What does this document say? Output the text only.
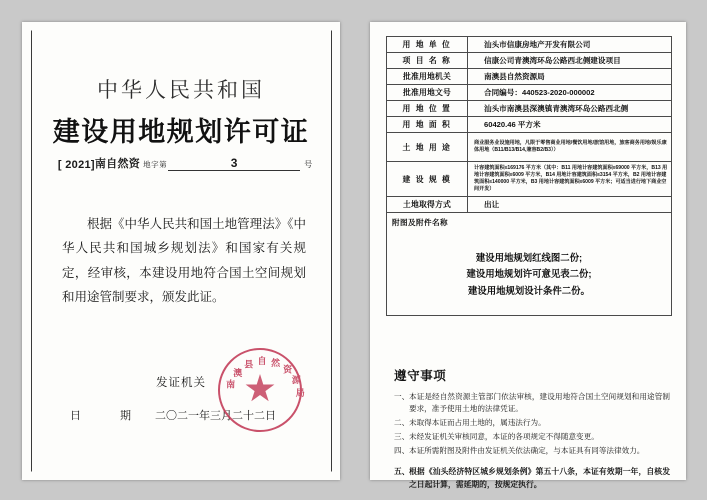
中华人民共和国
建设用地规划许可证
[ 2021] 南自然资 地字第	3	号
根据《中华人民共和国土地管理法》《中华人民共和国城乡规划法》和国家有关规定，经审核，本建设用地符合国土空间规划和用途管制要求，颁发此证。
发证机关
日　期 二〇二一年三月二十二日
南
澳
县 自 然
资
源
局
用 地 单 位	汕头市信康房地产开发有限公司
项 目 名 称	信康公司青澳湾环岛公路西北侧建设项目
批准用地机关	南澳县自然资源局
批准用地文号	合同编号：440523-2020-000002
用 地 位 置	汕头市南澳县深澳镇青澳湾环岛公路西北侧
用 地 面 积	60420.46 平方米
土 地 用 途	商业服务业设施用地，凡限于零售商业用地/餐饮用地/旅馆用地，旅客商务用地/娱乐康体用地（B11/B13/B14,兼容B2/B3））
建 设 规 模	计容建筑面积≤169176 平方米（其中：B11 用地计容建筑面积≤69000 平方米，B13 用地计容建筑面积≤6009 平方米，B14 用地计容建筑面积≤3154 平方米，B2 用地计容建筑面积≤140000 平方米，B3 用地计容建筑面积≤6009 平方米；可适当进行地下商业空间开发）
土地取得方式	出让

附图及附件名称
建设用地规划红线图二份;
建设用地规划许可意见表二份;
建设用地规划设计条件二份。	
遵守事项
一、 本证是经自然资源主管部门依法审核，建设用地符合国土空间规划和用途管制要求，准予使用土地的法律凭证。
二、 未取得本证而占用土地的，属违法行为。
三、 未经发证机关审核同意，本证的各项规定不得随意变更。
四、 本证所需附图及附件由发证机关依法确定，与本证具有同等法律效力。
五、 根据《汕头经济特区城乡规划条例》第五十八条，本证有效期一年，自核发之日起计算，需延期的，按规定执行。
